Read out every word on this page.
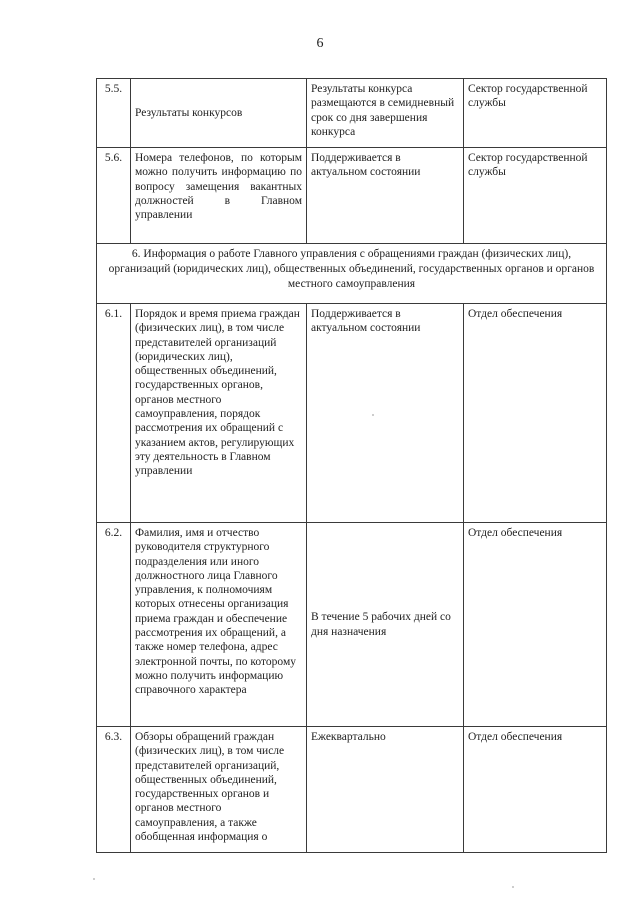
6
5.5.	Результаты конкурсов	Результаты конкурса размещаются в семидневный срок со дня завершения конкурса	Сектор государственной службы
5.6.	Номера телефонов, по которым можно получить информацию по вопросу замещения вакантных должностей в Главном управлении	Поддерживается в актуальном состоянии	Сектор государственной службы
6. Информация о работе Главного управления с обращениями граждан (физических лиц), организаций (юридических лиц), общественных объединений, государственных органов и органов местного самоуправления			
6.1.	Порядок и время приема граждан (физических лиц), в том числе представителей организаций (юридических лиц), общественных объединений, государственных органов, органов местного самоуправления, порядок рассмотрения их обращений с указанием актов, регулирующих эту деятельность в Главном управлении	Поддерживается в актуальном состоянии	Отдел обеспечения
6.2.	Фамилия, имя и отчество руководителя структурного подразделения или иного должностного лица Главного управления, к полномочиям которых отнесены организация приема граждан и обеспечение рассмотрения их обращений, а также номер телефона, адрес электронной почты, по которому можно получить информацию справочного характера	В течение 5 рабочих дней со дня назначения	Отдел обеспечения
6.3.	Обзоры обращений граждан (физических лиц), в том числе представителей организаций, общественных объединений, государственных органов и органов местного самоуправления, а также обобщенная информация о	Ежеквартально	Отдел обеспечения
